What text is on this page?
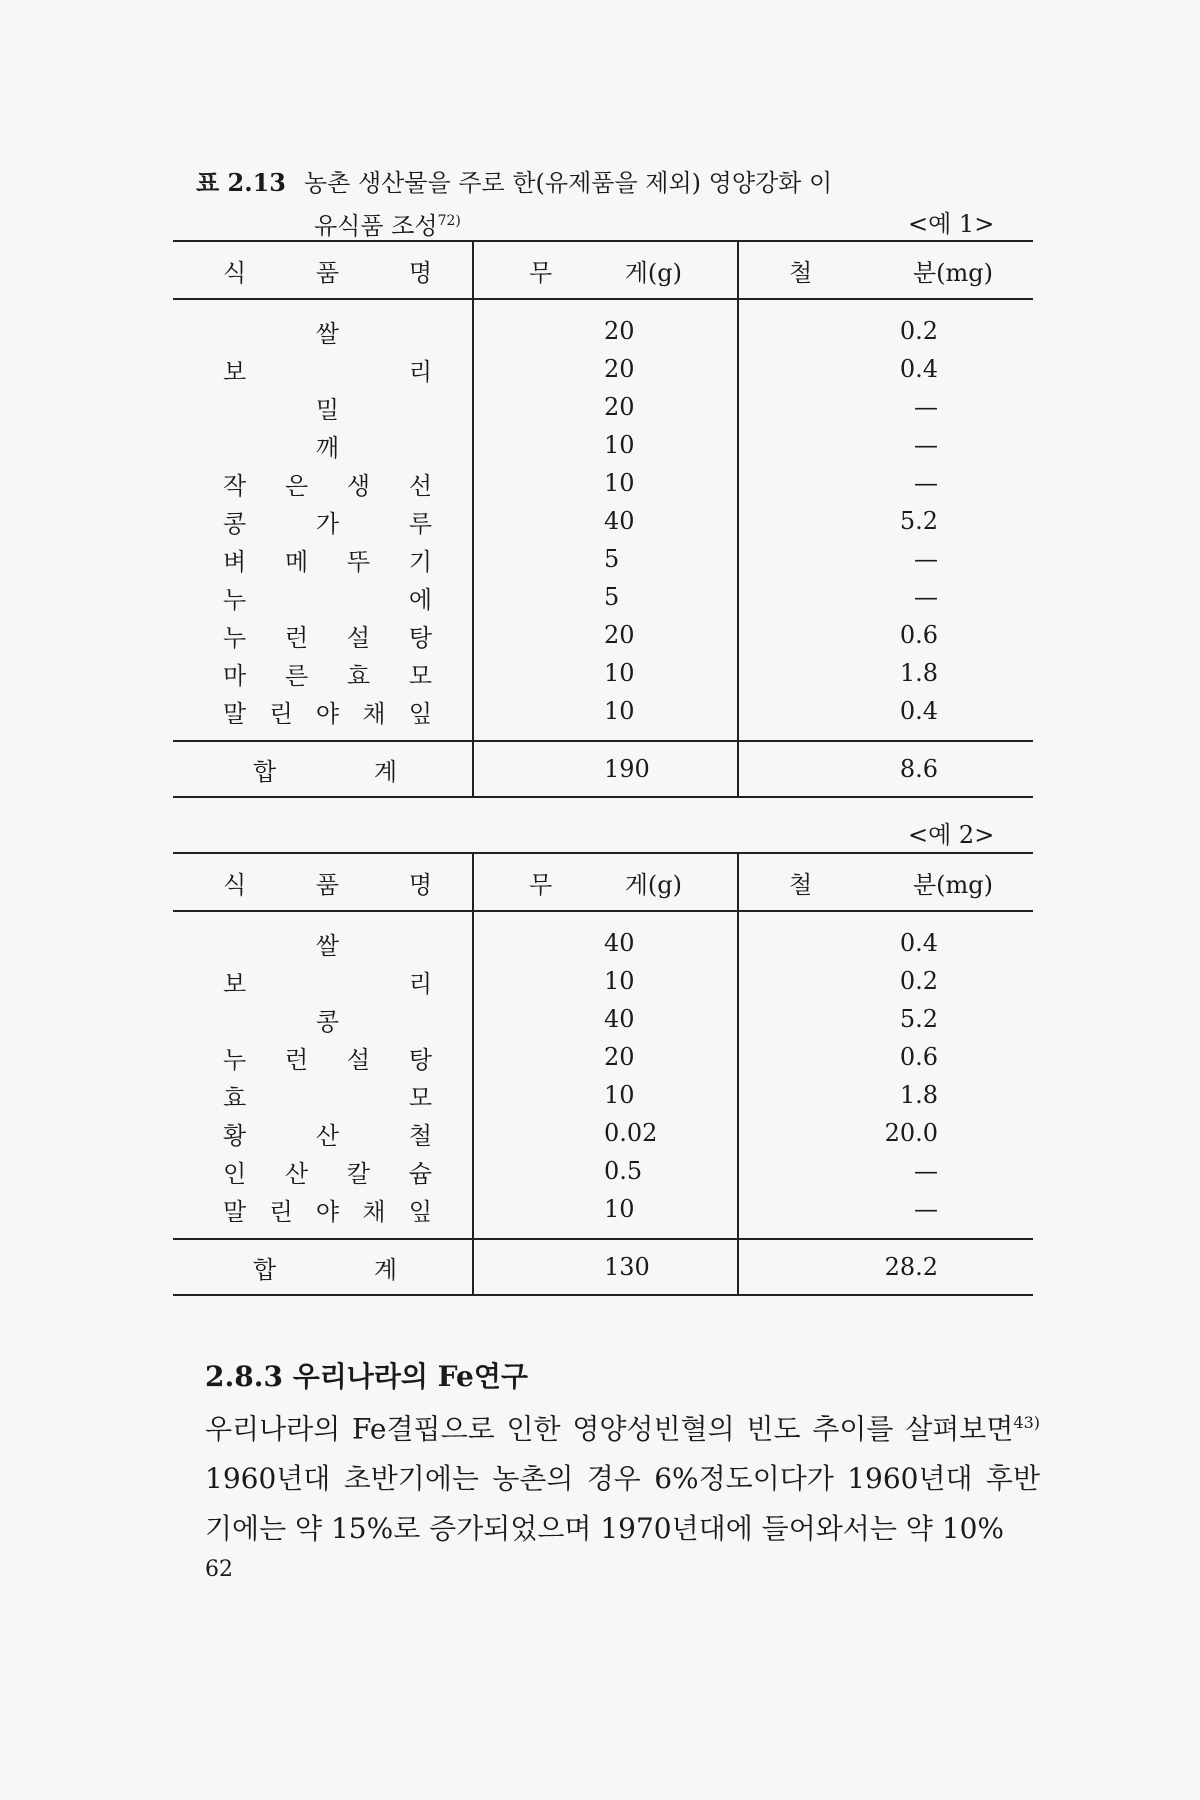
표 2.13 농촌 생산물을 주로 한(유제품을 제외) 영양강화 이
유식품 조성$^{72)}$	<예 1>
식 품 명	무 게(g)	철 분(mg)

쌀	20	0.2

보 리	20	0.4

밀	20	—

깨	10	—

작 은 생 선	10	—

콩 가 루	40	5.2

벼 메 뚜 기	5	—

누 에	5	—

누 런 설 탕	20	0.6

마 른 효 모	10	1.8

말 린 야 채 잎	10	0.4

합 계	190	8.6
<예 2>
식 품 명	무 게(g)	철 분(mg)

쌀	40	0.4

보 리	10	0.2

콩	40	5.2

누 런 설 탕	20	0.6

효 모	10	1.8

황 산 철	0.02	20.0

인 산 칼 슘	0.5	—

말 린 야 채 잎	10	—

합 계	130	28.2
2.8.3 우리나라의 Fe연구
우리나라의 Fe결핍으로 인한 영양성빈혈의 빈도 추이를 살펴보면$^{43)}$ 1960년대 초반기에는 농촌의 경우 6%정도이다가 1960년대 후반기에는 약 15%로 증가되었으며 1970년대에 들어와서는 약 10%
62
